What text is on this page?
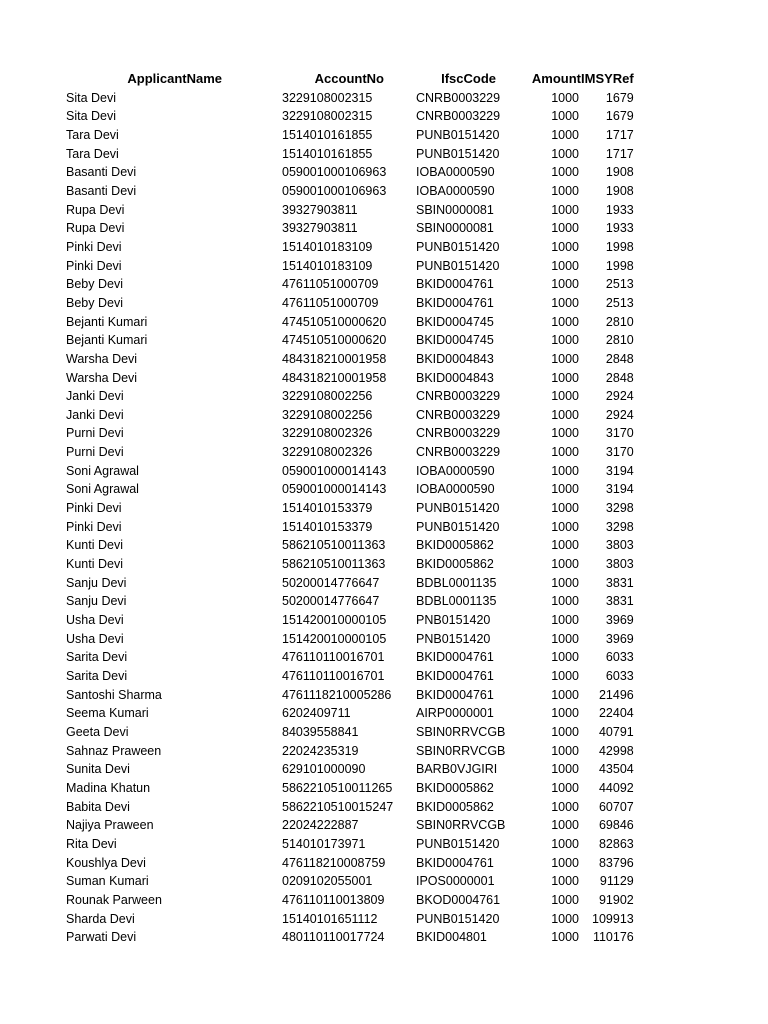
ApplicantName	AccountNo	IfscCode	Amount	IMSYRef
Sita Devi	3229108002315	CNRB0003229	1000	1679
Sita Devi	3229108002315	CNRB0003229	1000	1679
Tara Devi	1514010161855	PUNB0151420	1000	1717
Tara Devi	1514010161855	PUNB0151420	1000	1717
Basanti Devi	059001000106963	IOBA0000590	1000	1908
Basanti Devi	059001000106963	IOBA0000590	1000	1908
Rupa Devi	39327903811	SBIN0000081	1000	1933
Rupa Devi	39327903811	SBIN0000081	1000	1933
Pinki Devi	1514010183109	PUNB0151420	1000	1998
Pinki Devi	1514010183109	PUNB0151420	1000	1998
Beby Devi	47611051000709	BKID0004761	1000	2513
Beby Devi	47611051000709	BKID0004761	1000	2513
Bejanti Kumari	474510510000620	BKID0004745	1000	2810
Bejanti Kumari	474510510000620	BKID0004745	1000	2810
Warsha Devi	484318210001958	BKID0004843	1000	2848
Warsha Devi	484318210001958	BKID0004843	1000	2848
Janki Devi	3229108002256	CNRB0003229	1000	2924
Janki Devi	3229108002256	CNRB0003229	1000	2924
Purni Devi	3229108002326	CNRB0003229	1000	3170
Purni Devi	3229108002326	CNRB0003229	1000	3170
Soni Agrawal	059001000014143	IOBA0000590	1000	3194
Soni Agrawal	059001000014143	IOBA0000590	1000	3194
Pinki Devi	1514010153379	PUNB0151420	1000	3298
Pinki Devi	1514010153379	PUNB0151420	1000	3298
Kunti Devi	586210510011363	BKID0005862	1000	3803
Kunti Devi	586210510011363	BKID0005862	1000	3803
Sanju Devi	50200014776647	BDBL0001135	1000	3831
Sanju Devi	50200014776647	BDBL0001135	1000	3831
Usha Devi	151420010000105	PNB0151420	1000	3969
Usha Devi	151420010000105	PNB0151420	1000	3969
Sarita Devi	476110110016701	BKID0004761	1000	6033
Sarita Devi	476110110016701	BKID0004761	1000	6033
Santoshi Sharma	4761118210005286	BKID0004761	1000	21496
Seema Kumari	6202409711	AIRP0000001	1000	22404
Geeta Devi	84039558841	SBIN0RRVCGB	1000	40791
Sahnaz Praween	22024235319	SBIN0RRVCGB	1000	42998
Sunita Devi	629101000090	BARB0VJGIRI	1000	43504
Madina Khatun	5862210510011265	BKID0005862	1000	44092
Babita Devi	5862210510015247	BKID0005862	1000	60707
Najiya Praween	22024222887	SBIN0RRVCGB	1000	69846
Rita Devi	514010173971	PUNB0151420	1000	82863
Koushlya Devi	476118210008759	BKID0004761	1000	83796
Suman Kumari	0209102055001	IPOS0000001	1000	91129
Rounak Parween	476110110013809	BKOD0004761	1000	91902
Sharda Devi	15140101651112	PUNB0151420	1000	109913
Parwati Devi	480110110017724	BKID004801	1000	110176
